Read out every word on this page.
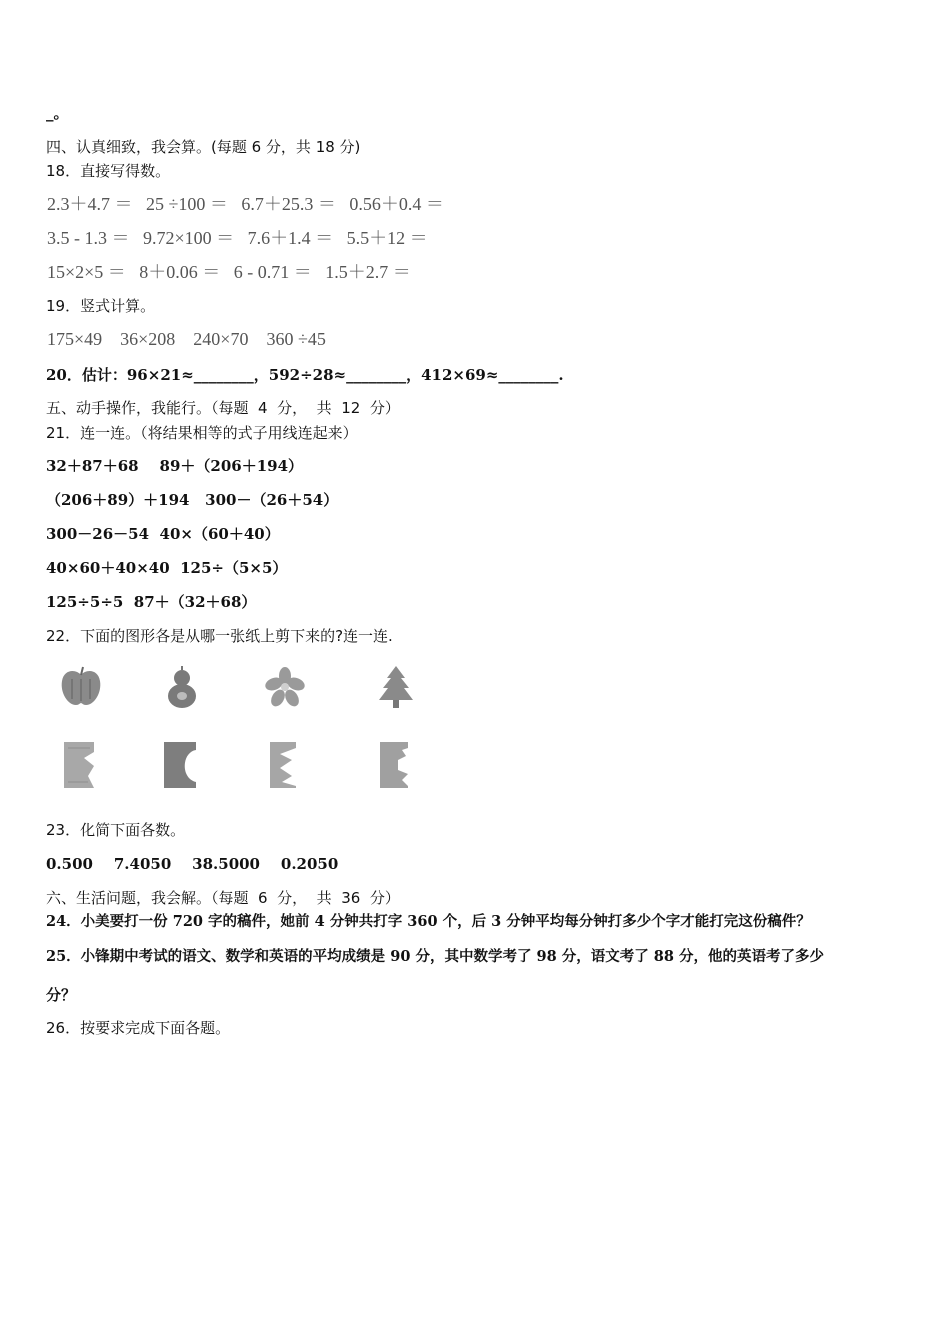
_。
四、认真细致，我会算。(每题 6 分，共 18 分)
18．直接写得数。
2.3＋4.7 ＝   25 ÷100 ＝   6.7＋25.3 ＝   0.56＋0.4 ＝
3.5 - 1.3 ＝   9.72×100 ＝   7.6＋1.4 ＝   5.5＋12 ＝
15×2×5 ＝   8＋0.06 ＝   6 - 0.71 ＝   1.5＋2.7 ＝
19．竖式计算。
175×49    36×208    240×70    360 ÷45
20．估计：96×21≈________，592÷28≈________，412×69≈________.
五、动手操作，我能行。（每题  4  分，  共  12  分）
21．连一连。（将结果相等的式子用线连起来）
32＋87＋68    89＋（206＋194）
（206＋89）＋194   300－（26＋54）
300－26－54  40×（60＋40）
40×60＋40×40  125÷（5×5）
125÷5÷5  87＋（32＋68）
22．下面的图形各是从哪一张纸上剪下来的?连一连.
23．化简下面各数。
0.500    7.4050    38.5000    0.2050
六、生活问题，我会解。（每题  6  分，  共  36  分）
24．小美要打一份 720 字的稿件，她前 4 分钟共打字 360 个，后 3 分钟平均每分钟打多少个字才能打完这份稿件？
25．小锋期中考试的语文、数学和英语的平均成绩是 90 分，其中数学考了 98 分，语文考了 88 分，他的英语考了多少
分？
26．按要求完成下面各题。
